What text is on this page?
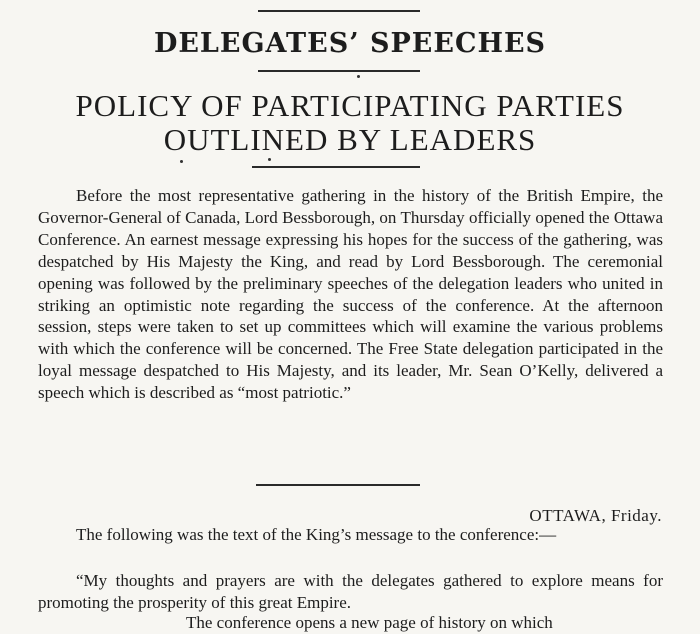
DELEGATES’ SPEECHES
POLICY OF PARTICIPATING PARTIES
OUTLINED BY LEADERS

Before the most representative gathering in the history of the British Empire, the Governor-General of Canada, Lord Bessborough, on Thursday officially opened the Ottawa Conference. An earnest message expressing his hopes for the success of the gathering, was despatched by His Majesty the King, and read by Lord Bessborough. The ceremonial opening was followed by the preliminary speeches of the delegation leaders who united in striking an optimistic note regarding the success of the conference. At the afternoon session, steps were taken to set up committees which will examine the various problems with which the conference will be concerned. The Free State delegation participated in the loyal message despatched to His Majesty, and its leader, Mr. Sean O’Kelly, delivered a speech which is described as “most patriotic.”

OTTAWA, Friday.

The following was the text of the King’s message to the conference:—

“My thoughts and prayers are with the delegates gathered to explore means for promoting the prosperity of this great Empire.

The conference opens a new page of history on which
